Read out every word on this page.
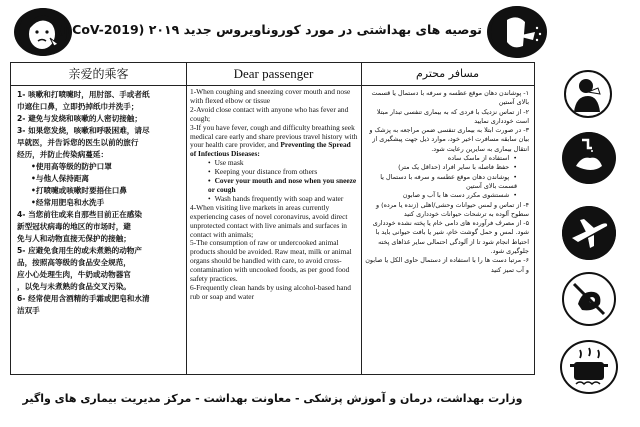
توصیه های بهداشتی در مورد کوروناویروس جدید ۲۰۱۹ (nCoV-2019)
亲爱的乘客

1- 咳嗽和打喷嚏时，用肘部、手或者纸

巾遮住口鼻，立即扔掉纸巾并洗手；

2- 避免与发烧和咳嗽的人密切接触；

3- 如果您发烧，咳嗽和呼吸困难，请尽

早就医，并告诉您的医生以前的旅行

经历，并防止传染病蔓延：

•使用高等级的防护口罩

•与他人保持距离

•打喷嚏或咳嗽时要捂住口鼻

•经常用肥皂和水洗手

4- 当您前往或来自那些目前正在感染

新型冠状病毒的地区的市场时，避

免与人和动物直接无保护的接触；

5- 应避免食用生的或未煮熟的动物产

品，按照高等级的食品安全规范，

应小心处理生肉，牛奶或动物器官

，以免与未煮熟的食品交叉污染。

6- 经常使用含酒精的手霜或肥皂和水清

洁双手

Dear passenger

1-When coughing and sneezing cover mouth and nose with flexed elbow or tissue

2-Avoid close contact with anyone who has fever and cough;

3-If you have fever, cough and difficulty breathing seek medical care early and share previous travel history with your health care provider, and Preventing the Spread of Infectious Diseases:

• Use mask

• Keeping your distance from others

• Cover your mouth and nose when you sneeze or cough

• Wash hands frequently with soap and water

4-When visiting live markets in areas currently experiencing cases of novel coronavirus, avoid direct unprotected contact with live animals and surfaces in contact with animals;

5-The consumption of raw or undercooked animal products should be avoided. Raw meat, milk or animal organs should be handled with care, to avoid cross-contamination with uncooked foods, as per good food safety practices.

6-Frequently clean hands by using alcohol-based hand rub or soap and water

مسافر محترم

۱- پوشاندن دهان موقع عطسه و سرفه با دستمال یا قسمت بالای آستین

۲- از تماس نزدیک با فردی که به بیماری تنفسی تبدار مبتلا است خودداری نمایید

۳- در صورت ابتلا به بیماری تنفسی ضمن مراجعه به پزشک و بیان سابقه مسافرت اخیر خود، موارد ذیل جهت پیشگیری از انتقال بیماری به سایرین رعایت شود.

• استفاده از ماسک ساده

• حفظ فاصله با سایر افراد (حداقل یک متر)

• پوشاندن دهان موقع عطسه و سرفه با دستمال یا قسمت بالای آستین

• شستشوی مکرر دست ها با آب و صابون

۴- از تماس و لمس حیوانات وحشی/اهلی (زنده یا مرده) و سطوح آلوده به ترشحات حیوانات خودداری کنید

۵- از مصرف فرآورده های دامی خام یا پخته نشده خودداری شود. لمس و حمل گوشت خام، شیر یا بافت حیوانی باید با احتیاط انجام شود تا از آلودگی احتمالی سایر غذاهای پخته جلوگیری شود.

۶- مرتبا دست ها را با استفاده از دستمال حاوی الکل یا صابون و آب تمیز کنید

وزارت بهداشت، درمان و آموزش پزشکی - معاونت بهداشت - مرکز مدیریت بیماری های واگیر
